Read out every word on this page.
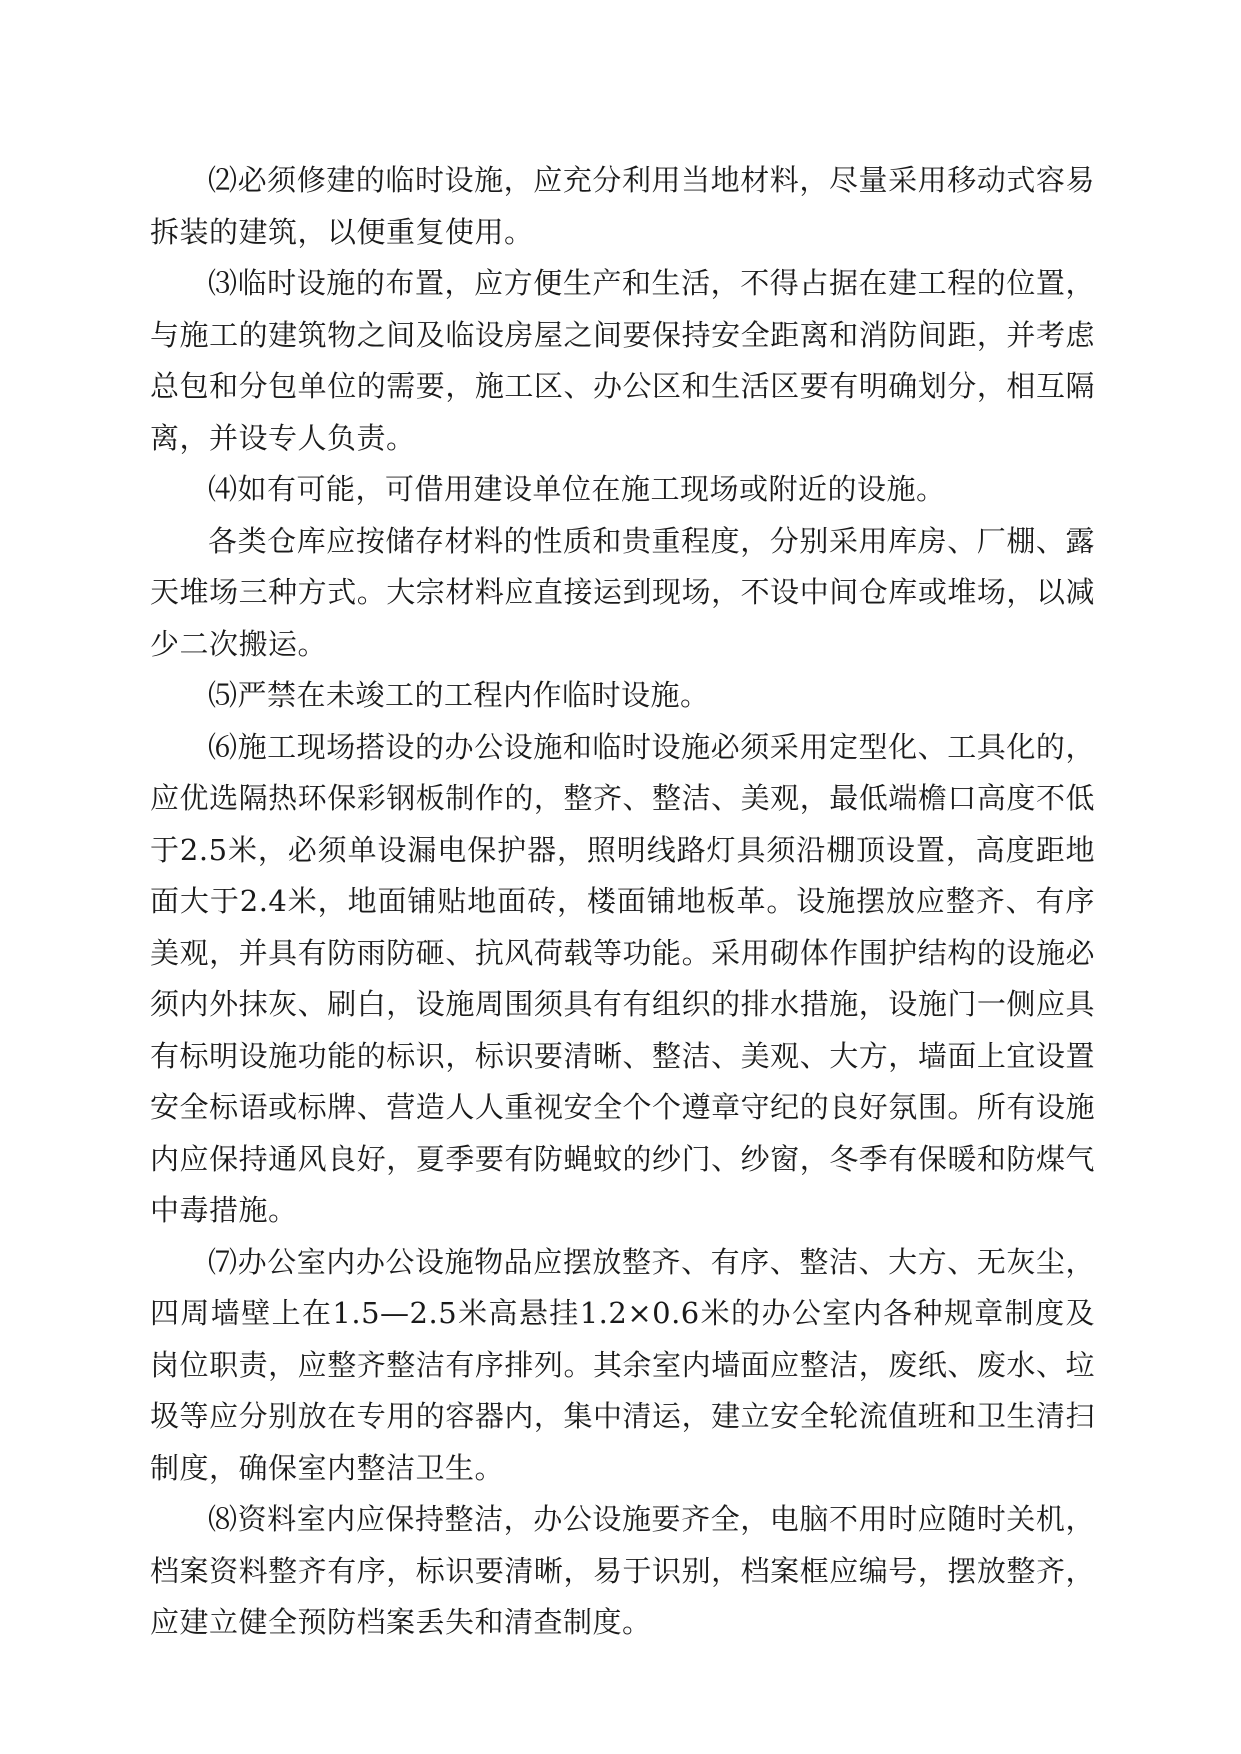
⑵必须修建的临时设施，应充分利用当地材料，尽量采用移动式容易拆装的建筑，以便重复使用。

⑶临时设施的布置，应方便生产和生活，不得占据在建工程的位置，与施工的建筑物之间及临设房屋之间要保持安全距离和消防间距，并考虑总包和分包单位的需要，施工区、办公区和生活区要有明确划分，相互隔离，并设专人负责。

⑷如有可能，可借用建设单位在施工现场或附近的设施。

各类仓库应按储存材料的性质和贵重程度，分别采用库房、厂棚、露天堆场三种方式。大宗材料应直接运到现场，不设中间仓库或堆场，以减少二次搬运。

⑸严禁在未竣工的工程内作临时设施。

⑹施工现场搭设的办公设施和临时设施必须采用定型化、工具化的，应优选隔热环保彩钢板制作的，整齐、整洁、美观，最低端檐口高度不低于2.5米，必须单设漏电保护器，照明线路灯具须沿棚顶设置，高度距地面大于2.4米，地面铺贴地面砖，楼面铺地板革。设施摆放应整齐、有序美观，并具有防雨防砸、抗风荷载等功能。采用砌体作围护结构的设施必须内外抹灰、刷白，设施周围须具有有组织的排水措施，设施门一侧应具有标明设施功能的标识，标识要清晰、整洁、美观、大方，墙面上宜设置安全标语或标牌、营造人人重视安全个个遵章守纪的良好氛围。所有设施内应保持通风良好，夏季要有防蝇蚊的纱门、纱窗，冬季有保暖和防煤气中毒措施。

⑺办公室内办公设施物品应摆放整齐、有序、整洁、大方、无灰尘，四周墙壁上在1.5—2.5米高悬挂1.2×0.6米的办公室内各种规章制度及岗位职责，应整齐整洁有序排列。其余室内墙面应整洁，废纸、废水、垃圾等应分别放在专用的容器内，集中清运，建立安全轮流值班和卫生清扫制度，确保室内整洁卫生。

⑻资料室内应保持整洁，办公设施要齐全，电脑不用时应随时关机，档案资料整齐有序，标识要清晰，易于识别，档案框应编号，摆放整齐，应建立健全预防档案丢失和清查制度。
